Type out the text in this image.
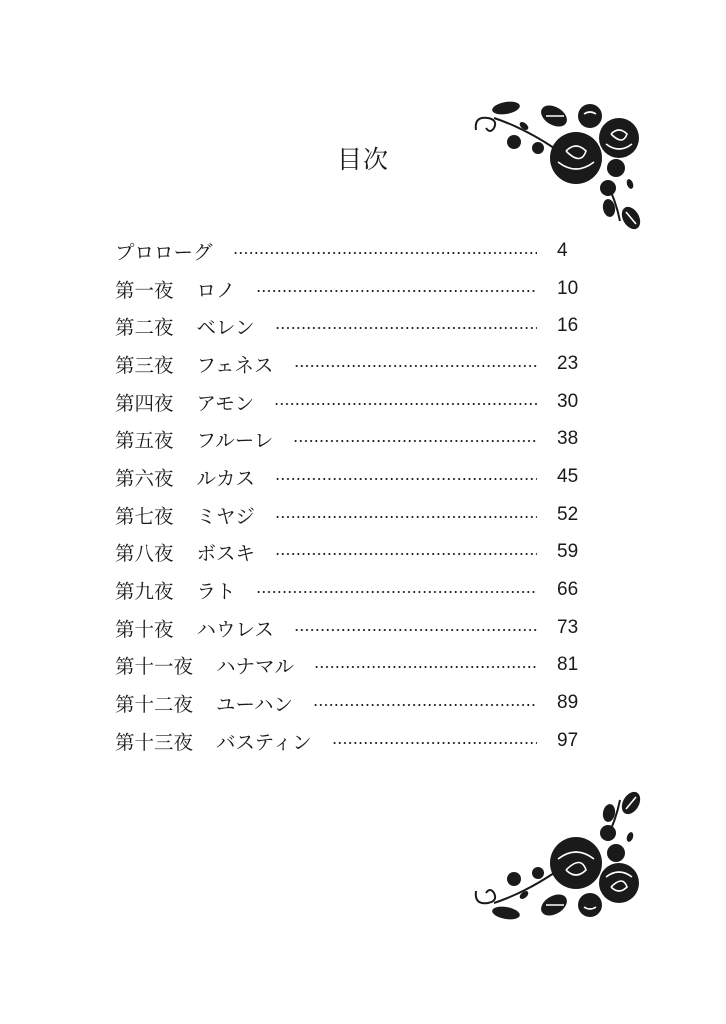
目次
プロローグ	4
第一夜 ロノ	10
第二夜 ベレン	16
第三夜 フェネス	23
第四夜 アモン	30
第五夜 フルーレ	38
第六夜 ルカス	45
第七夜 ミヤジ	52
第八夜 ボスキ	59
第九夜 ラト	66
第十夜 ハウレス	73
第十一夜 ハナマル	81
第十二夜 ユーハン	89
第十三夜 バスティン	97
